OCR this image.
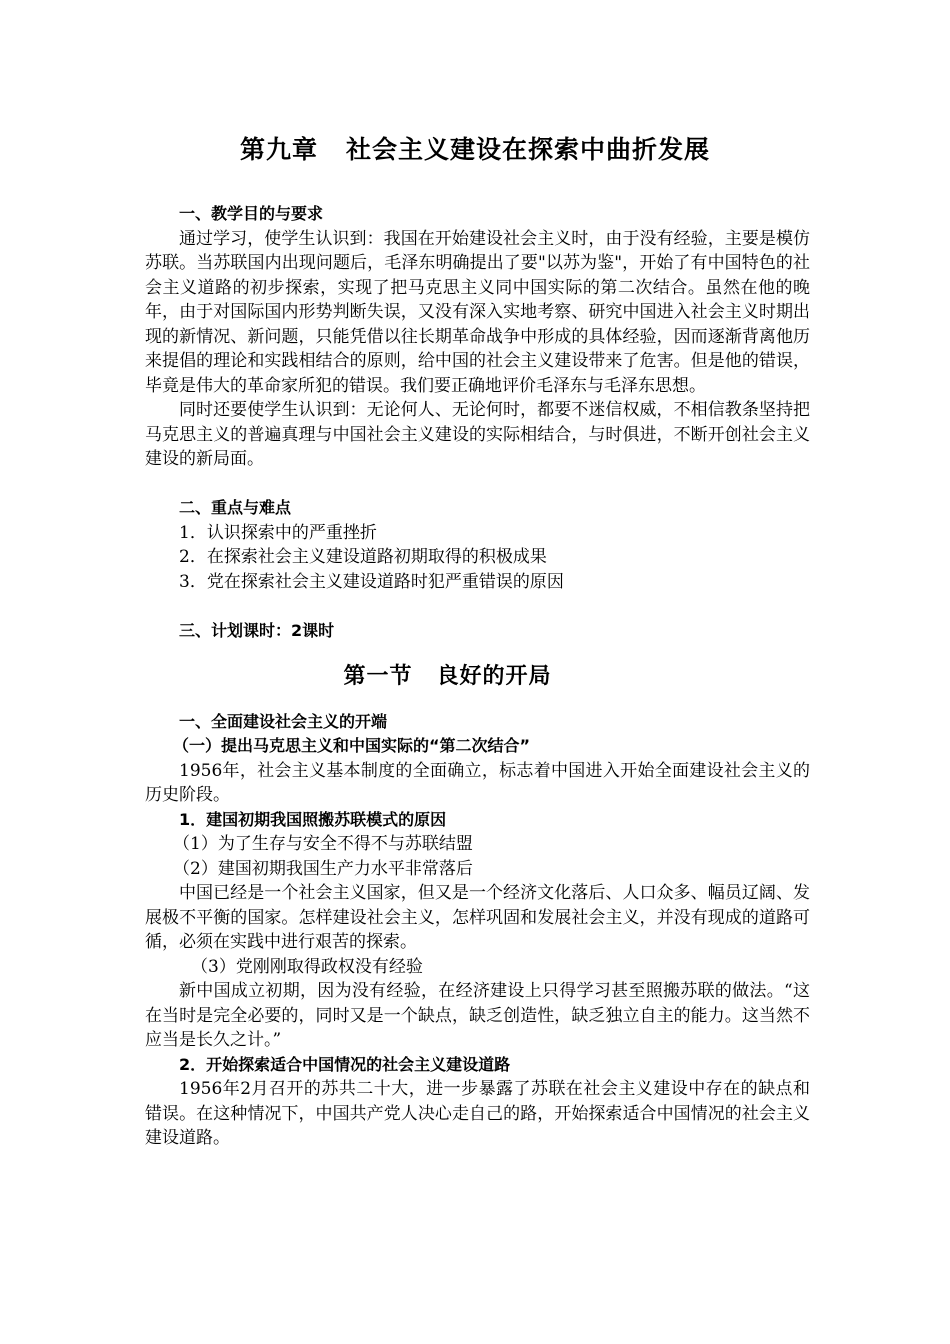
第九章 社会主义建设在探索中曲折发展
一、教学目的与要求
通过学习，使学生认识到：我国在开始建设社会主义时，由于没有经验，主要是模仿苏联。当苏联国内出现问题后，毛泽东明确提出了要"以苏为鉴"，开始了有中国特色的社会主义道路的初步探索，实现了把马克思主义同中国实际的第二次结合。虽然在他的晚年，由于对国际国内形势判断失误，又没有深入实地考察、研究中国进入社会主义时期出现的新情况、新问题，只能凭借以往长期革命战争中形成的具体经验，因而逐渐背离他历来提倡的理论和实践相结合的原则，给中国的社会主义建设带来了危害。但是他的错误，毕竟是伟大的革命家所犯的错误。我们要正确地评价毛泽东与毛泽东思想。
同时还要使学生认识到：无论何人、无论何时，都要不迷信权威，不相信教条坚持把马克思主义的普遍真理与中国社会主义建设的实际相结合，与时俱进，不断开创社会主义建设的新局面。
二、重点与难点
1．认识探索中的严重挫折
2．在探索社会主义建设道路初期取得的积极成果
3．党在探索社会主义建设道路时犯严重错误的原因
三、计划课时：2课时
第一节 良好的开局
一、全面建设社会主义的开端
（一）提出马克思主义和中国实际的“第二次结合”
1956年，社会主义基本制度的全面确立，标志着中国进入开始全面建设社会主义的历史阶段。
1．建国初期我国照搬苏联模式的原因
（1）为了生存与安全不得不与苏联结盟
（2）建国初期我国生产力水平非常落后
中国已经是一个社会主义国家，但又是一个经济文化落后、人口众多、幅员辽阔、发展极不平衡的国家。怎样建设社会主义，怎样巩固和发展社会主义，并没有现成的道路可循，必须在实践中进行艰苦的探索。
（3）党刚刚取得政权没有经验
新中国成立初期，因为没有经验，在经济建设上只得学习甚至照搬苏联的做法。“这在当时是完全必要的，同时又是一个缺点，缺乏创造性，缺乏独立自主的能力。这当然不应当是长久之计。”
2．开始探索适合中国情况的社会主义建设道路
1956年2月召开的苏共二十大，进一步暴露了苏联在社会主义建设中存在的缺点和错误。在这种情况下，中国共产党人决心走自己的路，开始探索适合中国情况的社会主义建设道路。
